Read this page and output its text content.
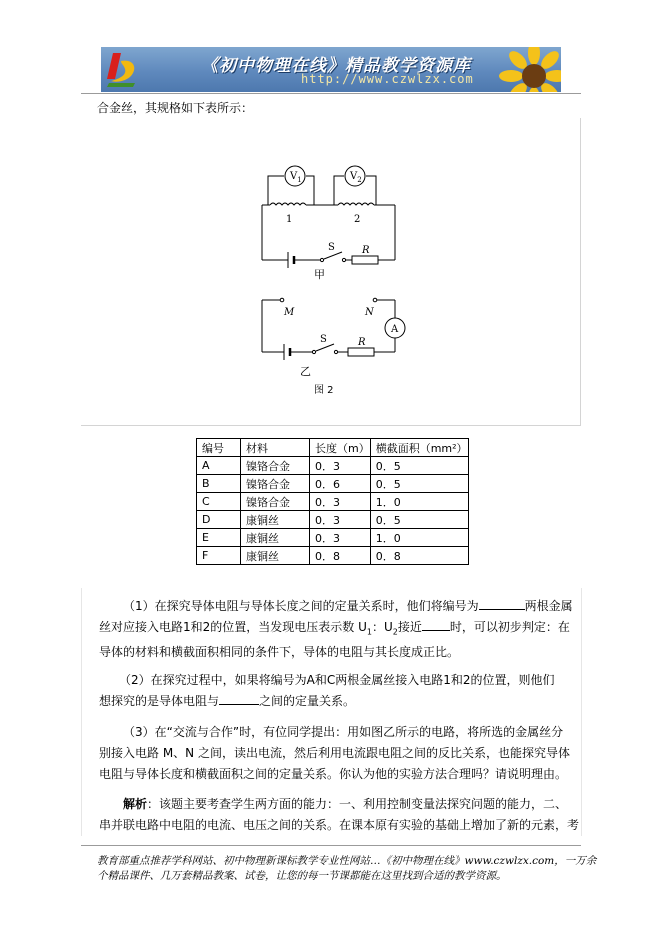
《初中物理在线》精品教学资源库
http://www.czwlzx.com
合金丝，其规格如下表所示：
$V_1$	$V_2$
1	2
S	R
甲
M	N
A
S	R
乙
图 2
编号	材料	长度（m）	横截面积（mm²）
A	镍铬合金	0．3	0．5
B	镍铬合金	0．6	0．5
C	镍铬合金	0．3	1．0
D	康铜丝	0．3	0．5
E	康铜丝	0．3	1．0
F	康铜丝	0．8	0．8
（1）在探究导体电阻与导体长度之间的定量关系时，他们将编号为	两根金属
丝对应接入电路1和2的位置，当发现电压表示数 $U_1$：$U_2$接近 时，可以初步判定：在
导体的材料和横截面积相同的条件下，导体的电阻与其长度成正比。
（2）在探究过程中，如果将编号为A和C两根金属丝接入电路1和2的位置，则他们
想探究的是导体电阻与	之间的定量关系。
（3）在“交流与合作”时，有位同学提出：用如图乙所示的电路，将所选的金属丝分
别接入电路 M、N 之间，读出电流，然后利用电流跟电阻之间的反比关系，也能探究导体
电阻与导体长度和横截面积之间的定量关系。你认为他的实验方法合理吗？请说明理由。
解析：该题主要考查学生两方面的能力：一、利用控制变量法探究问题的能力，二、
串并联电路中电阻的电流、电压之间的关系。在课本原有实验的基础上增加了新的元素，考
教育部重点推荐学科网站、初中物理新课标教学专业性网站…《初中物理在线》www.czwlzx.com，一万余
个精品课件、几万套精品教案、试卷，让您的每一节课都能在这里找到合适的教学资源。
